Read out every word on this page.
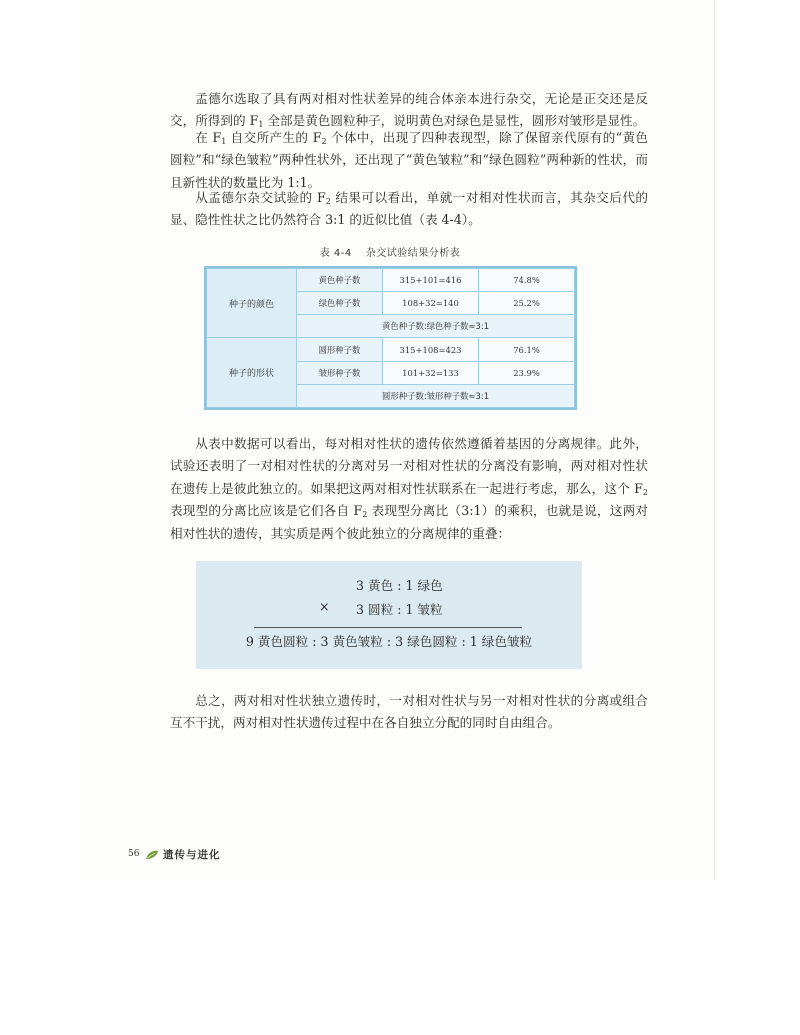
孟德尔选取了具有两对相对性状差异的纯合体亲本进行杂交，无论是正交还是反交，所得到的 $F_1$ 全部是黄色圆粒种子，说明黄色对绿色是显性，圆形对皱形是显性。

在 $F_1$ 自交所产生的 $F_2$ 个体中，出现了四种表现型，除了保留亲代原有的“黄色圆粒”和“绿色皱粒”两种性状外，还出现了“黄色皱粒”和“绿色圆粒”两种新的性状，而且新性状的数量比为 1:1。

从孟德尔杂交试验的 $F_2$ 结果可以看出，单就一对相对性状而言，其杂交后代的显、隐性性状之比仍然符合 3:1 的近似比值（表 4-4）。

表 4-4 杂交试验结果分析表
种子的颜色	黄色种子数	315+101=416	74.8%
	绿色种子数	108+32=140	25.2%
	黄色种子数:绿色种子数≈3:1		
种子的形状	圆形种子数	315+108=423	76.1%
	皱形种子数	101+32=133	23.9%
	圆形种子数:皱形种子数≈3:1		

从表中数据可以看出，每对相对性状的遗传依然遵循着基因的分离规律。此外，试验还表明了一对相对性状的分离对另一对相对性状的分离没有影响，两对相对性状在遗传上是彼此独立的。如果把这两对相对性状联系在一起进行考虑，那么，这个 $F_2$ 表现型的分离比应该是它们各自 $F_2$ 表现型分离比（3:1）的乘积，也就是说，这两对相对性状的遗传，其实质是两个彼此独立的分离规律的重叠：

3 黄色 : 1 绿色
× 3 圆粒 : 1 皱粒
9 黄色圆粒 : 3 黄色皱粒 : 3 绿色圆粒 : 1 绿色皱粒

总之，两对相对性状独立遗传时，一对相对性状与另一对相对性状的分离或组合互不干扰，两对相对性状遗传过程中在各自独立分配的同时自由组合。

56 遗传与进化
